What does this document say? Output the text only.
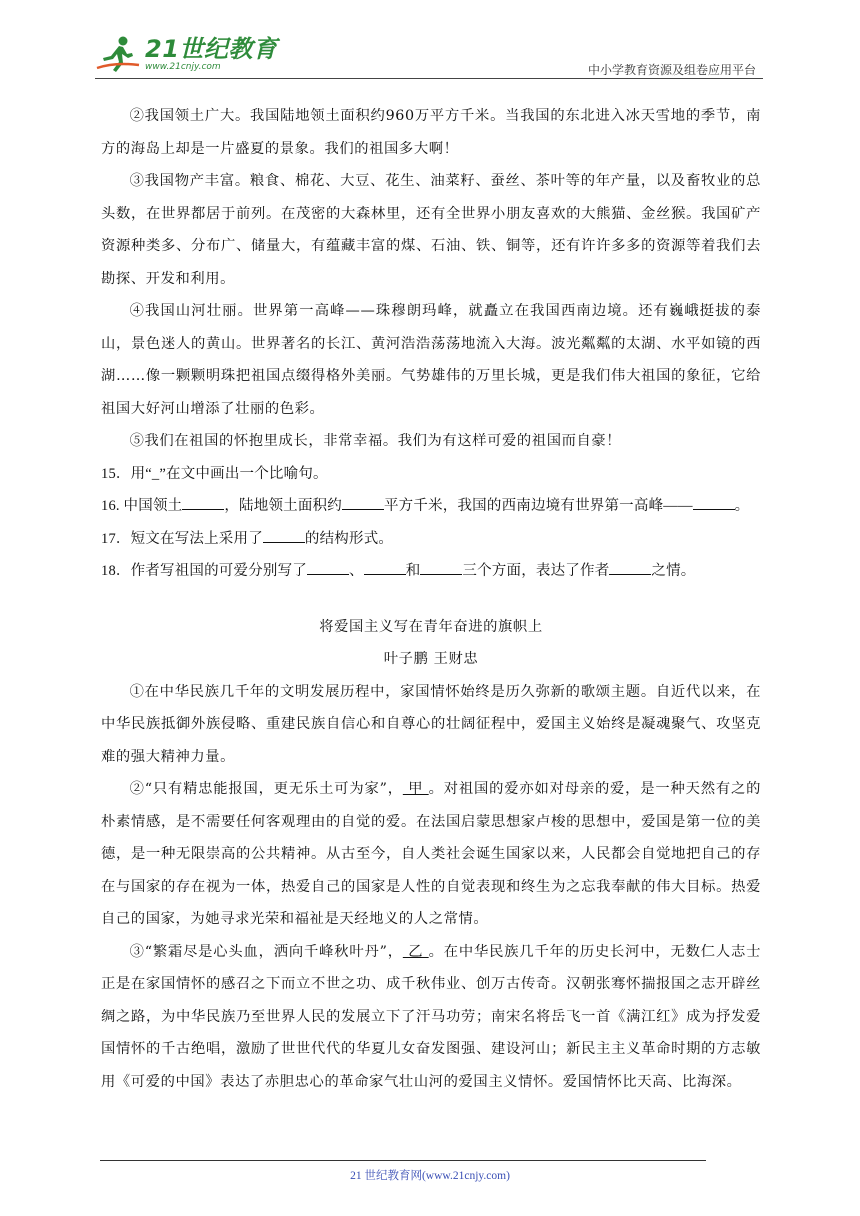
21世纪教育
www.21cnjy.com	中小学教育资源及组卷应用平台

②我国领土广大。我国陆地领土面积约960万平方千米。当我国的东北进入冰天雪地的季节，南方的海岛上却是一片盛夏的景象。我们的祖国多大啊！

③我国物产丰富。粮食、棉花、大豆、花生、油菜籽、蚕丝、茶叶等的年产量，以及畜牧业的总头数，在世界都居于前列。在茂密的大森林里，还有全世界小朋友喜欢的大熊猫、金丝猴。我国矿产资源种类多、分布广、储量大，有蕴藏丰富的煤、石油、铁、铜等，还有许许多多的资源等着我们去勘探、开发和利用。

④我国山河壮丽。世界第一高峰——珠穆朗玛峰，就矗立在我国西南边境。还有巍峨挺拔的泰山，景色迷人的黄山。世界著名的长江、黄河浩浩荡荡地流入大海。波光粼粼的太湖、水平如镜的西湖……像一颗颗明珠把祖国点缀得格外美丽。气势雄伟的万里长城，更是我们伟大祖国的象征，它给祖国大好河山增添了壮丽的色彩。

⑤我们在祖国的怀抱里成长，非常幸福。我们为有这样可爱的祖国而自豪！

15．用“_”在文中画出一个比喻句。

16. 中国领土	，陆地领土面积约	平方千米，我国的西南边境有世界第一高峰——	。

17．短文在写法上采用了	的结构形式。

18．作者写祖国的可爱分别写了	、	和	三个方面，表达了作者	之情。

将爱国主义写在青年奋进的旗帜上

叶子鹏 王财忠

①在中华民族几千年的文明发展历程中，家国情怀始终是历久弥新的歌颂主题。自近代以来，在中华民族抵御外族侵略、重建民族自信心和自尊心的壮阔征程中，爱国主义始终是凝魂聚气、攻坚克难的强大精神力量。

②“只有精忠能报国，更无乐土可为家”， 甲 。对祖国的爱亦如对母亲的爱，是一种天然有之的朴素情感，是不需要任何客观理由的自觉的爱。在法国启蒙思想家卢梭的思想中，爱国是第一位的美德，是一种无限崇高的公共精神。从古至今，自人类社会诞生国家以来，人民都会自觉地把自己的存在与国家的存在视为一体，热爱自己的国家是人性的自觉表现和终生为之忘我奉献的伟大目标。热爱自己的国家，为她寻求光荣和福祉是天经地义的人之常情。

③“繁霜尽是心头血，洒向千峰秋叶丹”， 乙 。在中华民族几千年的历史长河中，无数仁人志士正是在家国情怀的感召之下而立不世之功、成千秋伟业、创万古传奇。汉朝张骞怀揣报国之志开辟丝绸之路，为中华民族乃至世界人民的发展立下了汗马功劳；南宋名将岳飞一首《满江红》成为抒发爱国情怀的千古绝唱，激励了世世代代的华夏儿女奋发图强、建设河山；新民主主义革命时期的方志敏用《可爱的中国》表达了赤胆忠心的革命家气壮山河的爱国主义情怀。爱国情怀比天高、比海深。

21 世纪教育网(www.21cnjy.com)
